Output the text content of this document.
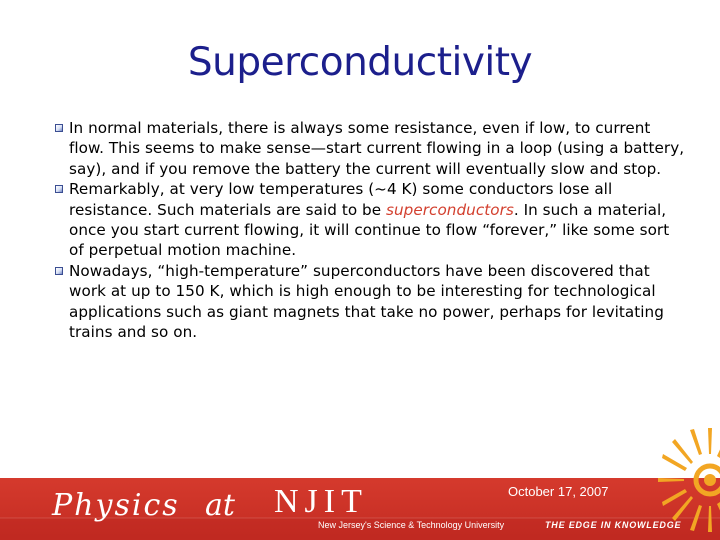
Superconductivity
In normal materials, there is always some resistance, even if low, to current flow. This seems to make sense—start current flowing in a loop (using a battery, say), and if you remove the battery the current will eventually slow and stop.
Remarkably, at very low temperatures (~4 K) some conductors lose all resistance. Such materials are said to be superconductors. In such a material, once you start current flowing, it will continue to flow “forever,” like some sort of perpetual motion machine.
Nowadays, “high-temperature” superconductors have been discovered that work at up to 150 K, which is high enough to be interesting for technological applications such as giant magnets that take no power, perhaps for levitating trains and so on.
Physics at NJIT
New Jersey's Science & Technology University	THE EDGE IN KNOWLEDGE
October 17, 2007
